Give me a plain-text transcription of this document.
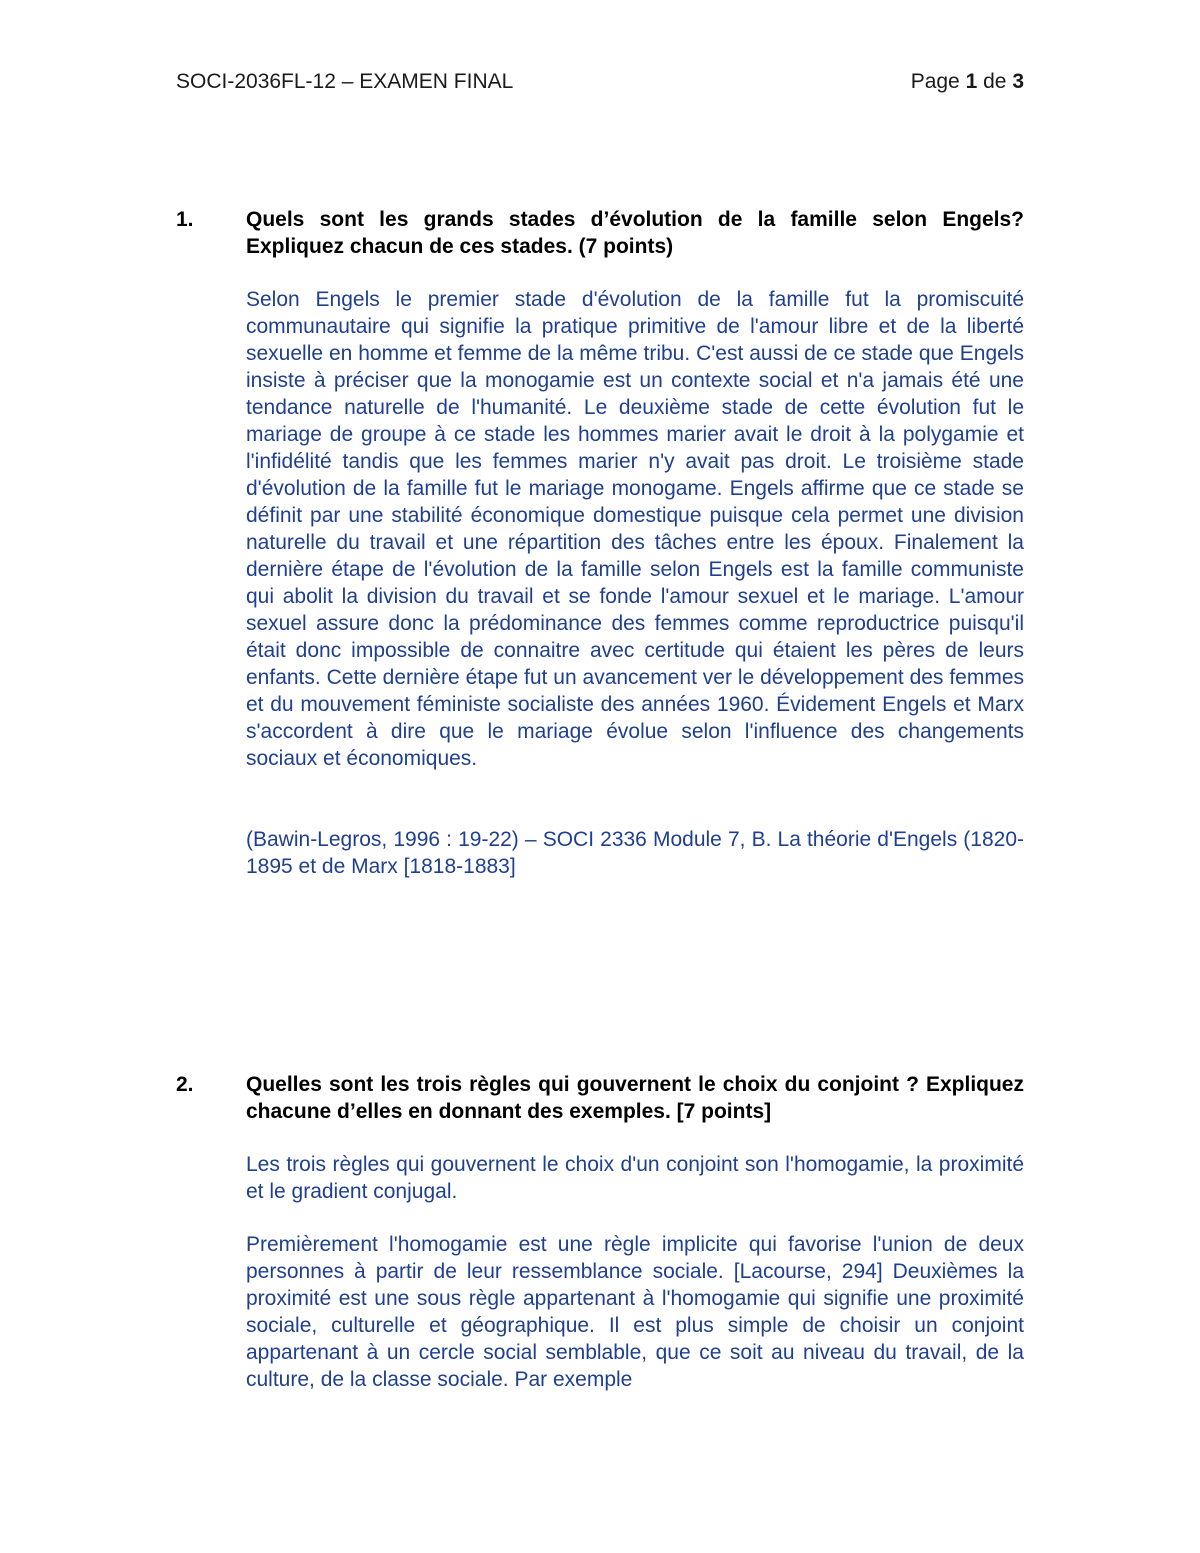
SOCI-2036FL-12 – EXAMEN FINAL	Page 1 de 3
1. Quels sont les grands stades d’évolution de la famille selon Engels? Expliquez chacun de ces stades. (7 points)

Selon Engels le premier stade d'évolution de la famille fut la promiscuité communautaire qui signifie la pratique primitive de l'amour libre et de la liberté sexuelle en homme et femme de la même tribu. C'est aussi de ce stade que Engels insiste à préciser que la monogamie est un contexte social et n'a jamais été une tendance naturelle de l'humanité. Le deuxième stade de cette évolution fut le mariage de groupe à ce stade les hommes marier avait le droit à la polygamie et l'infidélité tandis que les femmes marier n'y avait pas droit. Le troisième stade d'évolution de la famille fut le mariage monogame. Engels affirme que ce stade se définit par une stabilité économique domestique puisque cela permet une division naturelle du travail et une répartition des tâches entre les époux. Finalement la dernière étape de l'évolution de la famille selon Engels est la famille communiste qui abolit la division du travail et se fonde l'amour sexuel et le mariage. L'amour sexuel assure donc la prédominance des femmes comme reproductrice puisqu'il était donc impossible de connaitre avec certitude qui étaient les pères de leurs enfants. Cette dernière étape fut un avancement ver le développement des femmes et du mouvement féministe socialiste des années 1960. Évidement Engels et Marx s'accordent à dire que le mariage évolue selon l'influence des changements sociaux et économiques.

(Bawin-Legros, 1996 : 19-22) – SOCI 2336 Module 7, B. La théorie d'Engels (1820-1895 et de Marx [1818-1883]

2. Quelles sont les trois règles qui gouvernent le choix du conjoint ? Expliquez chacune d’elles en donnant des exemples. [7 points]

Les trois règles qui gouvernent le choix d'un conjoint son l'homogamie, la proximité et le gradient conjugal.

Premièrement l'homogamie est une règle implicite qui favorise l'union de deux personnes à partir de leur ressemblance sociale. [Lacourse, 294] Deuxièmes la proximité est une sous règle appartenant à l'homogamie qui signifie une proximité sociale, culturelle et géographique. Il est plus simple de choisir un conjoint appartenant à un cercle social semblable, que ce soit au niveau du travail, de la culture, de la classe sociale. Par exemple
